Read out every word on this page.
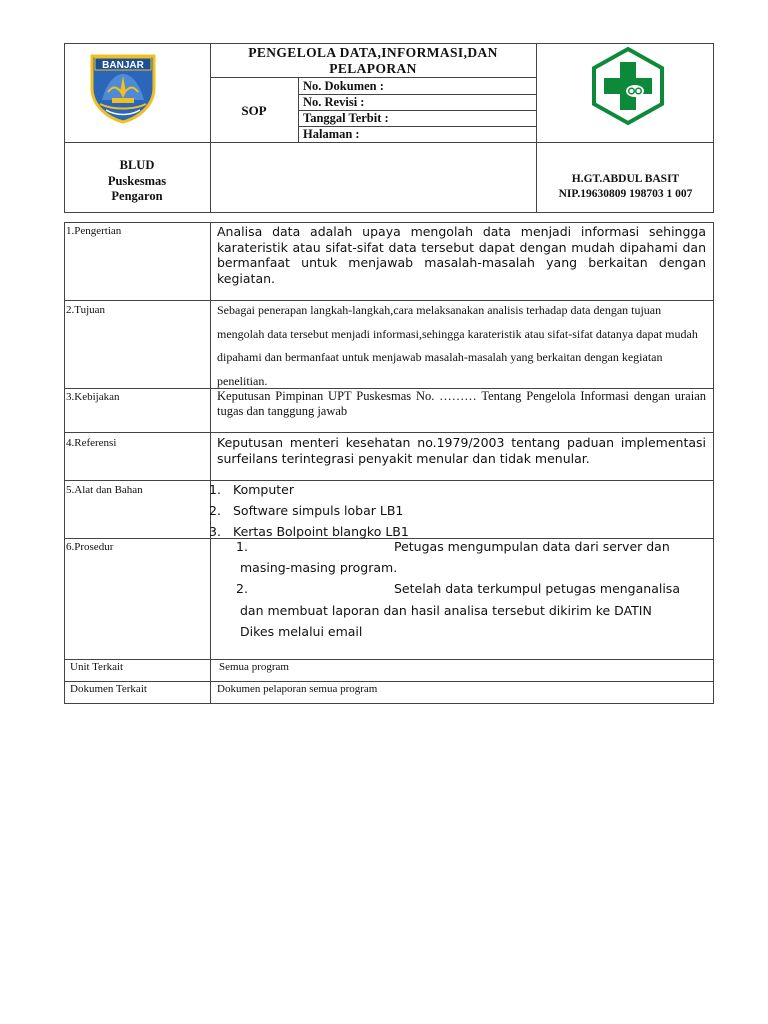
BANJAR
PENGELOLA DATA,INFORMASI,DAN
PELAPORAN
SOP
No. Dokumen :
No. Revisi :
Tanggal Terbit :
Halaman :
BLUD
Puskesmas
Pengaron
H.GT.ABDUL BASIT
NIP.19630809 198703 1 007
1.Pengertian	Analisa data adalah upaya mengolah data menjadi informasi sehingga karateristik atau sifat-sifat data tersebut dapat dengan mudah dipahami dan bermanfaat untuk menjawab masalah-masalah yang berkaitan dengan kegiatan.
2.Tujuan	Sebagai penerapan langkah-langkah,cara melaksanakan analisis terhadap data dengan tujuan mengolah data tersebut menjadi informasi,sehingga karateristik atau sifat-sifat datanya dapat mudah dipahami dan bermanfaat untuk menjawab masalah-masalah yang berkaitan dengan kegiatan penelitian.
3.Kebijakan	Keputusan Pimpinan UPT Puskesmas No. ……… Tentang Pengelola Informasi dengan uraian tugas dan tanggung jawab
4.Referensi	Keputusan menteri kesehatan no.1979/2003 tentang paduan implementasi surfeilans terintegrasi penyakit menular dan tidak menular.
5.Alat dan Bahan	1. Komputer
2. Software simpuls lobar LB1
3. Kertas Bolpoint blangko LB1
6.Prosedur	1.	Petugas mengumpulan data dari server dan
masing-masing program.
2.	Setelah data terkumpul petugas menganalisa
dan membuat laporan dan hasil analisa tersebut dikirim ke DATIN
Dikes melalui email
Unit Terkait	Semua program
Dokumen Terkait	Dokumen pelaporan semua program
